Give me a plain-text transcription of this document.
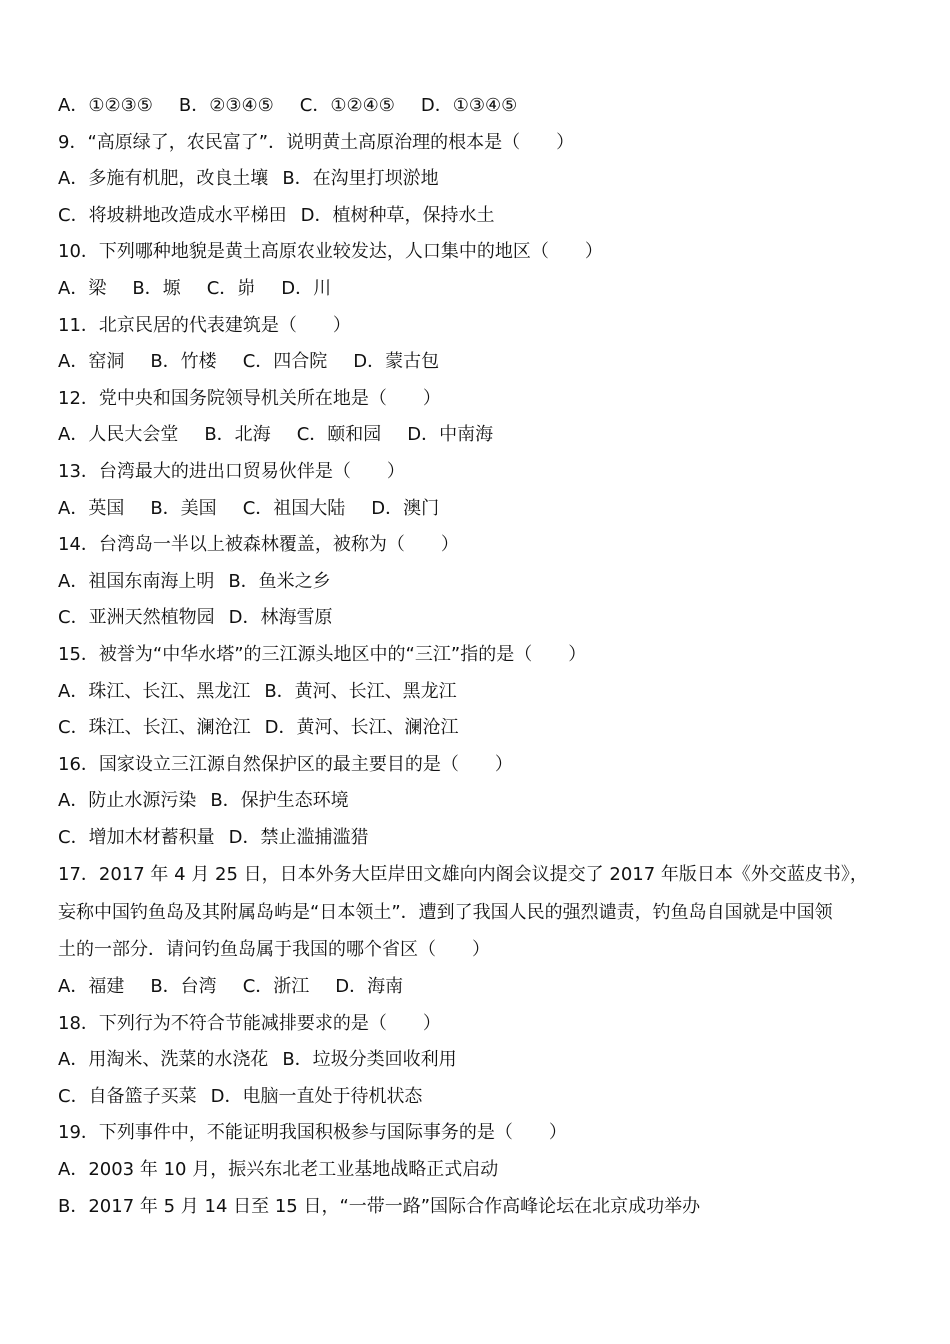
A．①②③⑤ B．②③④⑤ C．①②④⑤ D．①③④⑤
9．“高原绿了，农民富了”．说明黄土高原治理的根本是（　　）
A．多施有机肥，改良土壤 B．在沟里打坝淤地
C．将坡耕地改造成水平梯田 D．植树种草，保持水土
10．下列哪种地貌是黄土高原农业较发达，人口集中的地区（　　）
A．梁 B．塬 C．峁 D．川
11．北京民居的代表建筑是（　　）
A．窑洞 B．竹楼 C．四合院 D．蒙古包
12．党中央和国务院领导机关所在地是（　　）
A．人民大会堂 B．北海 C．颐和园 D．中南海
13．台湾最大的进出口贸易伙伴是（　　）
A．英国 B．美国 C．祖国大陆 D．澳门
14．台湾岛一半以上被森林覆盖，被称为（　　）
A．祖国东南海上明 B．鱼米之乡
C．亚洲天然植物园 D．林海雪原
15．被誉为“中华水塔”的三江源头地区中的“三江”指的是（　　）
A．珠江、长江、黑龙江 B．黄河、长江、黑龙江
C．珠江、长江、澜沧江 D．黄河、长江、澜沧江
16．国家设立三江源自然保护区的最主要目的是（　　）
A．防止水源污染 B．保护生态环境
C．增加木材蓄积量 D．禁止滥捕滥猎
17．2017 年 4 月 25 日，日本外务大臣岸田文雄向内阁会议提交了 2017 年版日本《外交蓝皮书》，
妄称中国钓鱼岛及其附属岛屿是“日本领土”．遭到了我国人民的强烈谴责，钓鱼岛自国就是中国领
土的一部分．请问钓鱼岛属于我国的哪个省区（　　）
A．福建 B．台湾 C．浙江 D．海南
18．下列行为不符合节能减排要求的是（　　）
A．用淘米、洗菜的水浇花 B．垃圾分类回收利用
C．自备篮子买菜 D．电脑一直处于待机状态
19．下列事件中，不能证明我国积极参与国际事务的是（　　）
A．2003 年 10 月，振兴东北老工业基地战略正式启动
B．2017 年 5 月 14 日至 15 日，“一带一路”国际合作高峰论坛在北京成功举办
